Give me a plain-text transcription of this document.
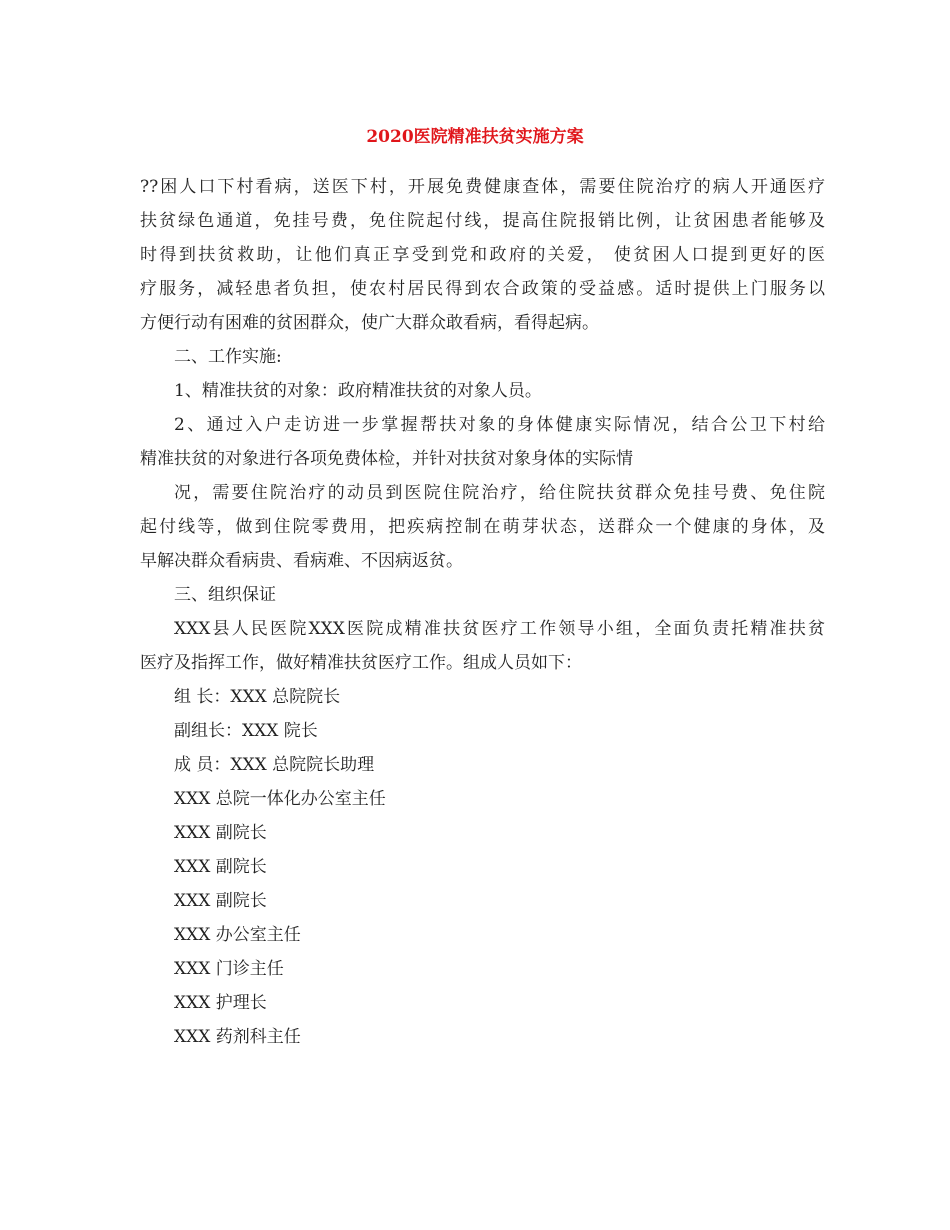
2020医院精准扶贫实施方案
??困人口下村看病，送医下村，开展免费健康查体，需要住院治疗的病人开通医疗
扶贫绿色通道，免挂号费，免住院起付线，提高住院报销比例，让贫困患者能够及
时得到扶贫救助，让他们真正享受到党和政府的关爱， 使贫困人口提到更好的医
疗服务，减轻患者负担，使农村居民得到农合政策的受益感。适时提供上门服务以
方便行动有困难的贫困群众，使广大群众敢看病，看得起病。
二、工作实施:
1、精准扶贫的对象：政府精准扶贫的对象人员。
2、通过入户走访进一步掌握帮扶对象的身体健康实际情况，结合公卫下村给
精准扶贫的对象进行各项免费体检，并针对扶贫对象身体的实际情
况，需要住院治疗的动员到医院住院治疗，给住院扶贫群众免挂号费、免住院
起付线等，做到住院零费用，把疾病控制在萌芽状态，送群众一个健康的身体，及
早解决群众看病贵、看病难、不因病返贫。
三、组织保证
XXX县人民医院XXX医院成精准扶贫医疗工作领导小组，全面负责托精准扶贫
医疗及指挥工作，做好精准扶贫医疗工作。组成人员如下：
组 长：XXX 总院院长
副组长：XXX 院长
成 员：XXX 总院院长助理
XXX 总院一体化办公室主任
XXX 副院长
XXX 副院长
XXX 副院长
XXX 办公室主任
XXX 门诊主任
XXX 护理长
XXX 药剂科主任
